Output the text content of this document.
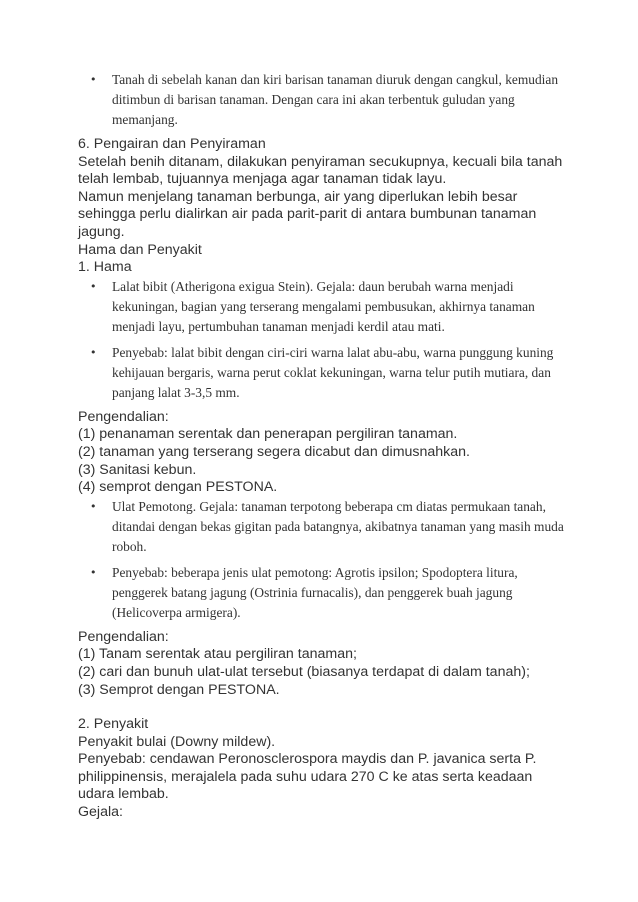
• Tanah di sebelah kanan dan kiri barisan tanaman diuruk dengan cangkul, kemudian ditimbun di barisan tanaman. Dengan cara ini akan terbentuk guludan yang memanjang.

6. Pengairan dan Penyiraman

Setelah benih ditanam, dilakukan penyiraman secukupnya, kecuali bila tanah telah lembab, tujuannya menjaga agar tanaman tidak layu.

Namun menjelang tanaman berbunga, air yang diperlukan lebih besar sehingga perlu dialirkan air pada parit-parit di antara bumbunan tanaman jagung.

Hama dan Penyakit

1. Hama

• Lalat bibit (Atherigona exigua Stein). Gejala: daun berubah warna menjadi kekuningan, bagian yang terserang mengalami pembusukan, akhirnya tanaman menjadi layu, pertumbuhan tanaman menjadi kerdil atau mati.
• Penyebab: lalat bibit dengan ciri-ciri warna lalat abu-abu, warna punggung kuning kehijauan bergaris, warna perut coklat kekuningan, warna telur putih mutiara, dan panjang lalat 3-3,5 mm.

Pengendalian:

(1) penanaman serentak dan penerapan pergiliran tanaman.

(2) tanaman yang terserang segera dicabut dan dimusnahkan.

(3) Sanitasi kebun.

(4) semprot dengan PESTONA.

• Ulat Pemotong. Gejala: tanaman terpotong beberapa cm diatas permukaan tanah, ditandai dengan bekas gigitan pada batangnya, akibatnya tanaman yang masih muda roboh.
• Penyebab: beberapa jenis ulat pemotong: Agrotis ipsilon; Spodoptera litura, penggerek batang jagung (Ostrinia furnacalis), dan penggerek buah jagung (Helicoverpa armigera).

Pengendalian:

(1) Tanam serentak atau pergiliran tanaman;

(2) cari dan bunuh ulat-ulat tersebut (biasanya terdapat di dalam tanah);

(3) Semprot dengan PESTONA.

2. Penyakit

Penyakit bulai (Downy mildew).

Penyebab: cendawan Peronosclerospora maydis dan P. javanica serta P. philippinensis, merajalela pada suhu udara 270 C ke atas serta keadaan udara lembab.

Gejala:
